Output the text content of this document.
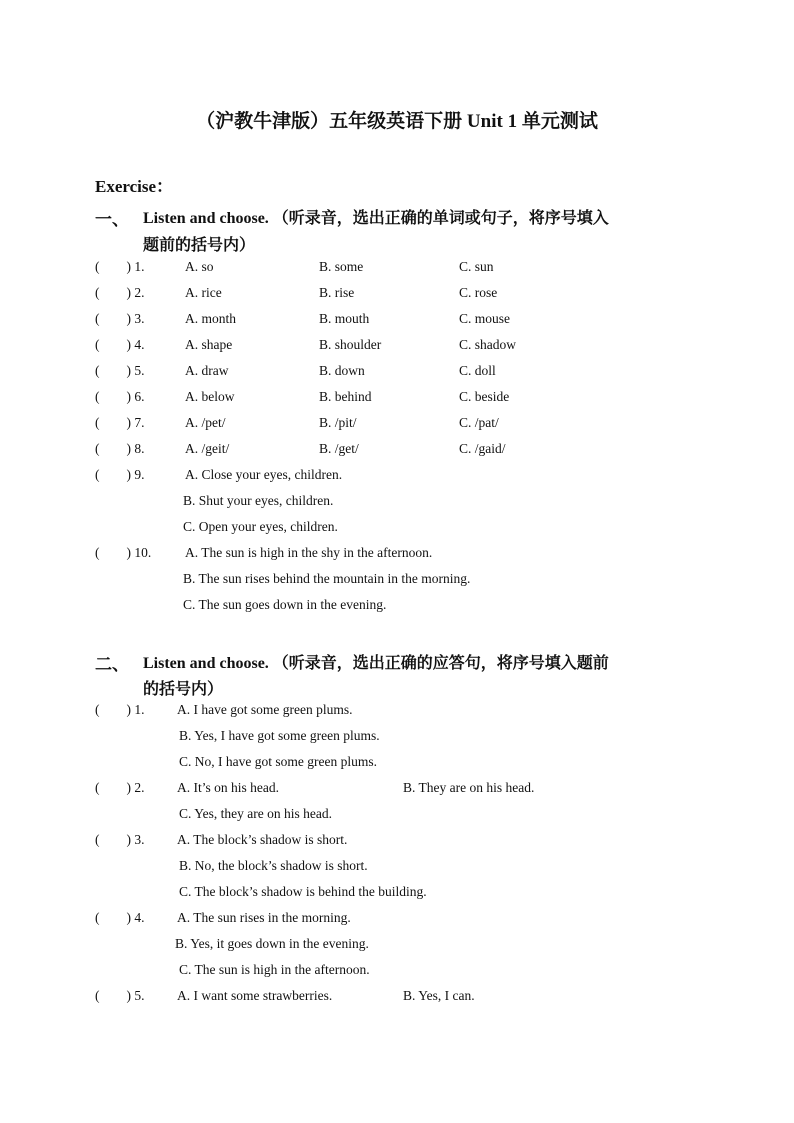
（沪教牛津版）五年级英语下册 Unit 1 单元测试
Exercise：
一、 Listen and choose. （听录音，选出正确的单词或句子，将序号填入
题前的括号内）
(        ) 1.	A. so	B. some	C. sun
(        ) 2.	A. rice	B. rise	C. rose
(        ) 3.	A. month	B. mouth	C. mouse
(        ) 4.	A. shape	B. shoulder	C. shadow
(        ) 5.	A. draw	B. down	C. doll
(        ) 6.	A. below	B. behind	C. beside
(        ) 7.	A. /pet/	B. /pit/	C. /pat/
(        ) 8.	A. /geit/	B. /get/	C. /gaid/
(        ) 9.	A. Close your eyes, children.
B. Shut your eyes, children.
C. Open your eyes, children.
(        ) 10.	A. The sun is high in the shy in the afternoon.
B. The sun rises behind the mountain in the morning.
C. The sun goes down in the evening.
二、 Listen and choose. （听录音，选出正确的应答句，将序号填入题前
的括号内）
(        ) 1. A. I have got some green plums.
B. Yes, I have got some green plums.
C. No, I have got some green plums.
(        ) 2. A. It’s on his head.	B. They are on his head.
C. Yes, they are on his head.
(        ) 3. A. The block’s shadow is short.
B. No, the block’s shadow is short.
C. The block’s shadow is behind the building.
(        ) 4. A. The sun rises in the morning.
B. Yes, it goes down in the evening.
C. The sun is high in the afternoon.
(        ) 5. A. I want some strawberries.	B. Yes, I can.
